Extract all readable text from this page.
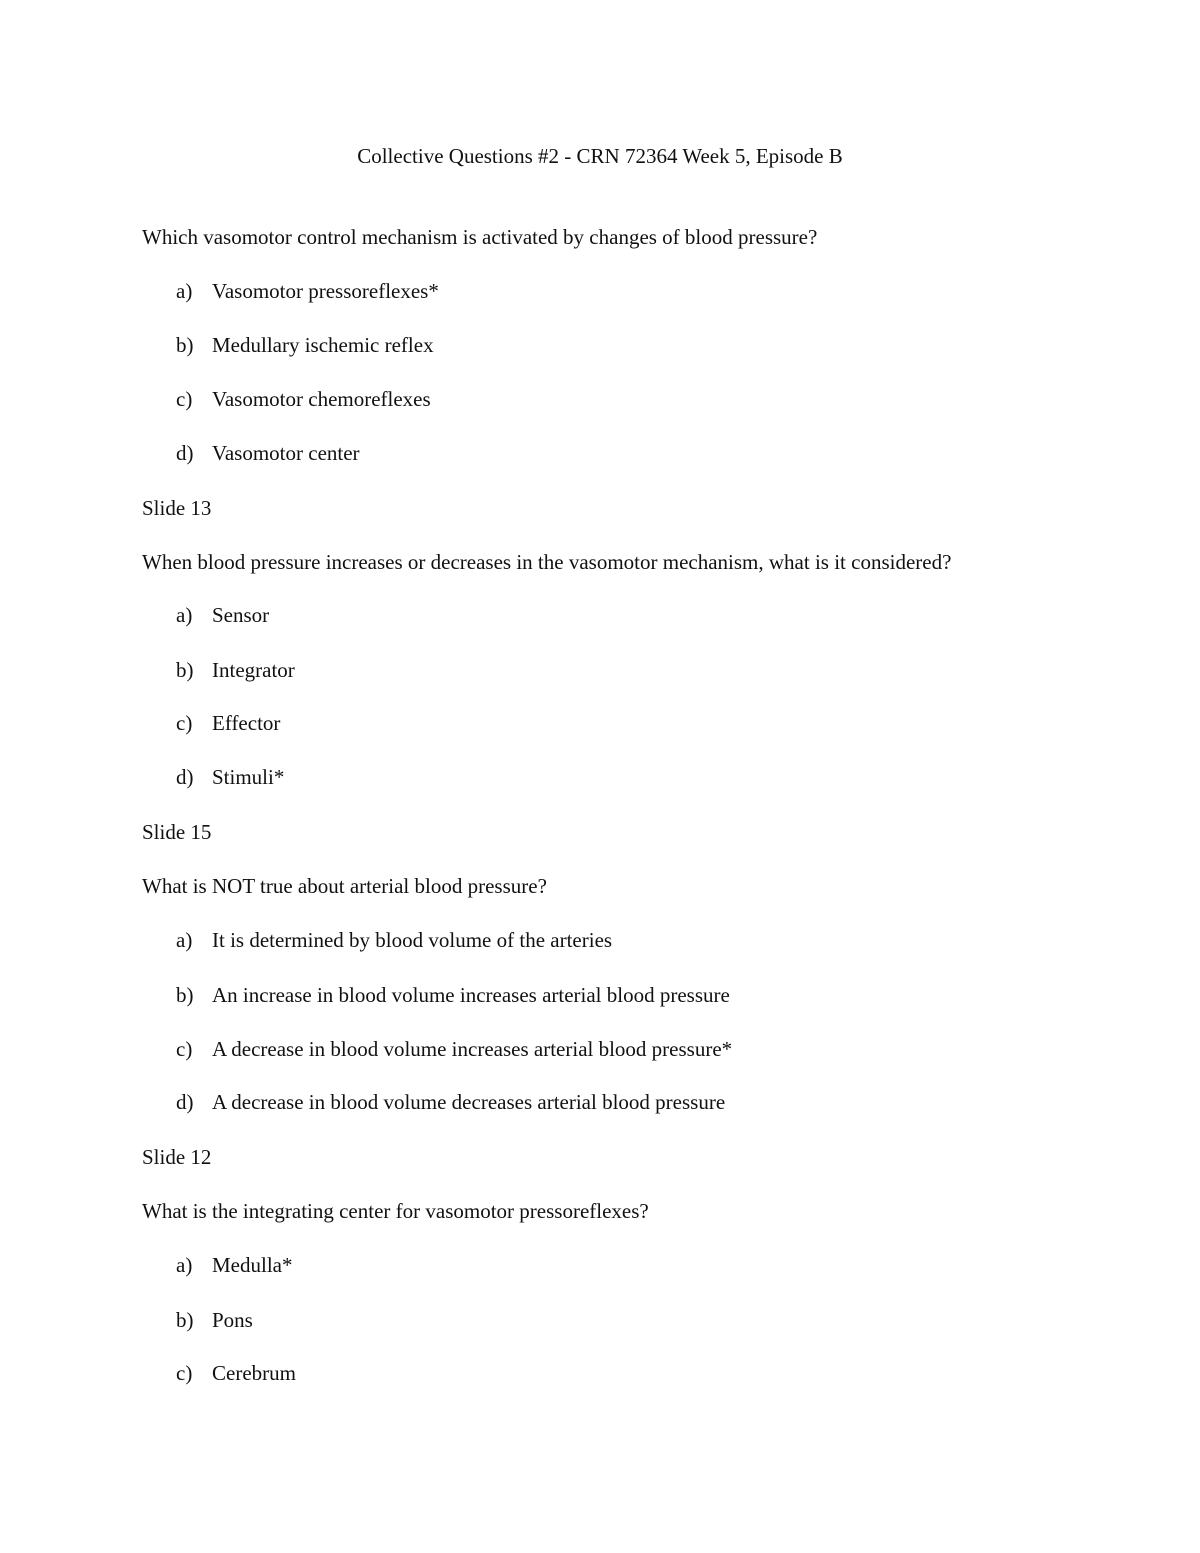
Collective Questions #2 - CRN 72364 Week 5, Episode B
Which vasomotor control mechanism is activated by changes of blood pressure?
a) Vasomotor pressoreflexes*
b) Medullary ischemic reflex
c) Vasomotor chemoreflexes
d) Vasomotor center
Slide 13
When blood pressure increases or decreases in the vasomotor mechanism, what is it considered?
a) Sensor
b) Integrator
c) Effector
d) Stimuli*
Slide 15
What is NOT true about arterial blood pressure?
a) It is determined by blood volume of the arteries
b) An increase in blood volume increases arterial blood pressure
c) A decrease in blood volume increases arterial blood pressure*
d) A decrease in blood volume decreases arterial blood pressure
Slide 12
What is the integrating center for vasomotor pressoreflexes?
a) Medulla*
b) Pons
c) Cerebrum
